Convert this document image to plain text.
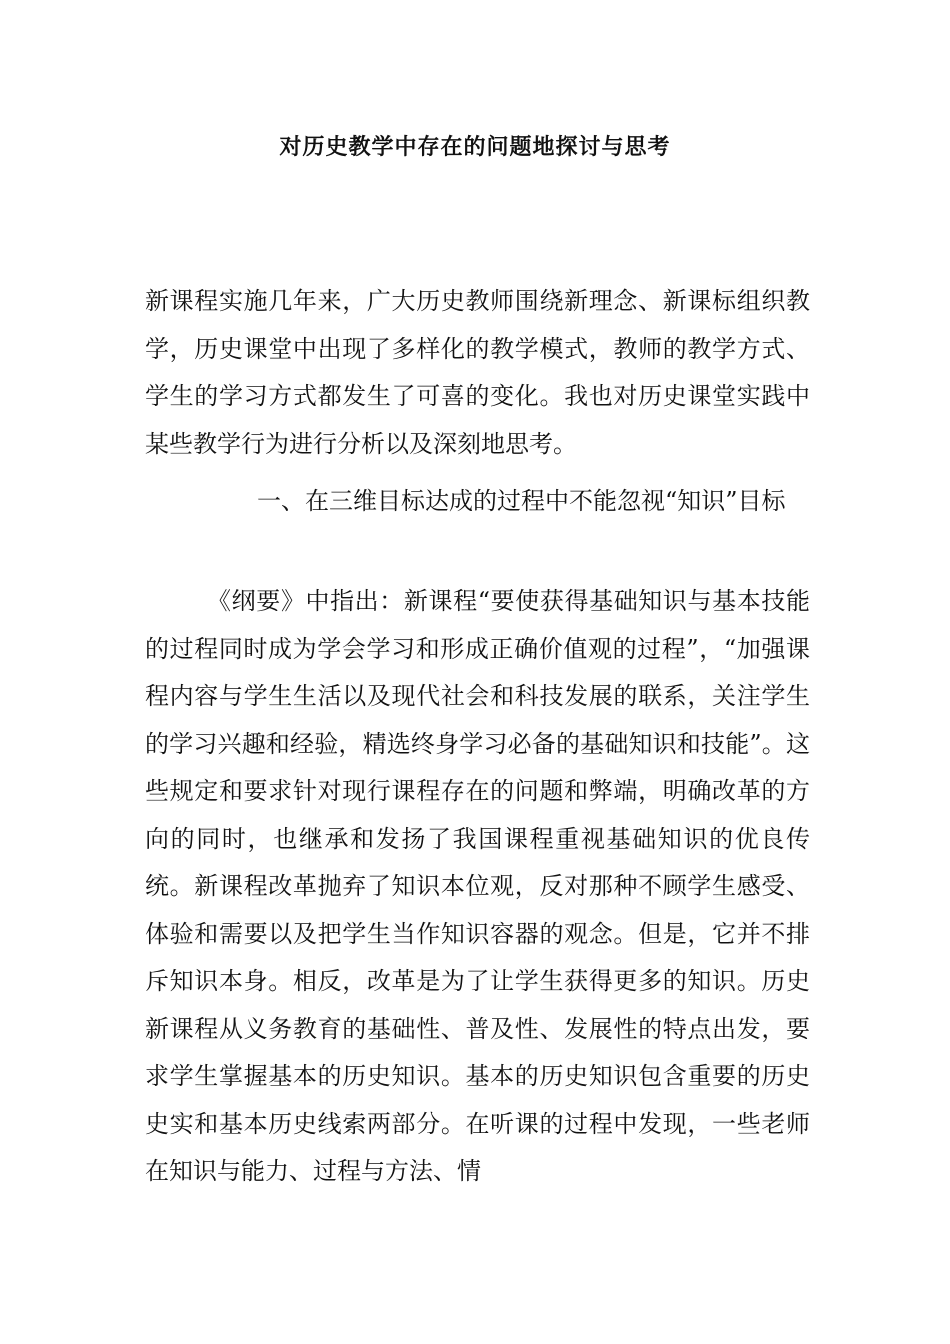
对历史教学中存在的问题地探讨与思考
新课程实施几年来，广大历史教师围绕新理念、新课标组织教学，历史课堂中出现了多样化的教学模式，教师的教学方式、学生的学习方式都发生了可喜的变化。我也对历史课堂实践中某些教学行为进行分析以及深刻地思考。
一、在三维目标达成的过程中不能忽视“知识”目标
《纲要》中指出：新课程“要使获得基础知识与基本技能的过程同时成为学会学习和形成正确价值观的过程”，“加强课程内容与学生生活以及现代社会和科技发展的联系，关注学生的学习兴趣和经验，精选终身学习必备的基础知识和技能”。这些规定和要求针对现行课程存在的问题和弊端，明确改革的方向的同时，也继承和发扬了我国课程重视基础知识的优良传统。新课程改革抛弃了知识本位观，反对那种不顾学生感受、体验和需要以及把学生当作知识容器的观念。但是，它并不排斥知识本身。相反，改革是为了让学生获得更多的知识。历史新课程从义务教育的基础性、普及性、发展性的特点出发，要求学生掌握基本的历史知识。基本的历史知识包含重要的历史史实和基本历史线索两部分。在听课的过程中发现，一些老师在知识与能力、过程与方法、情
